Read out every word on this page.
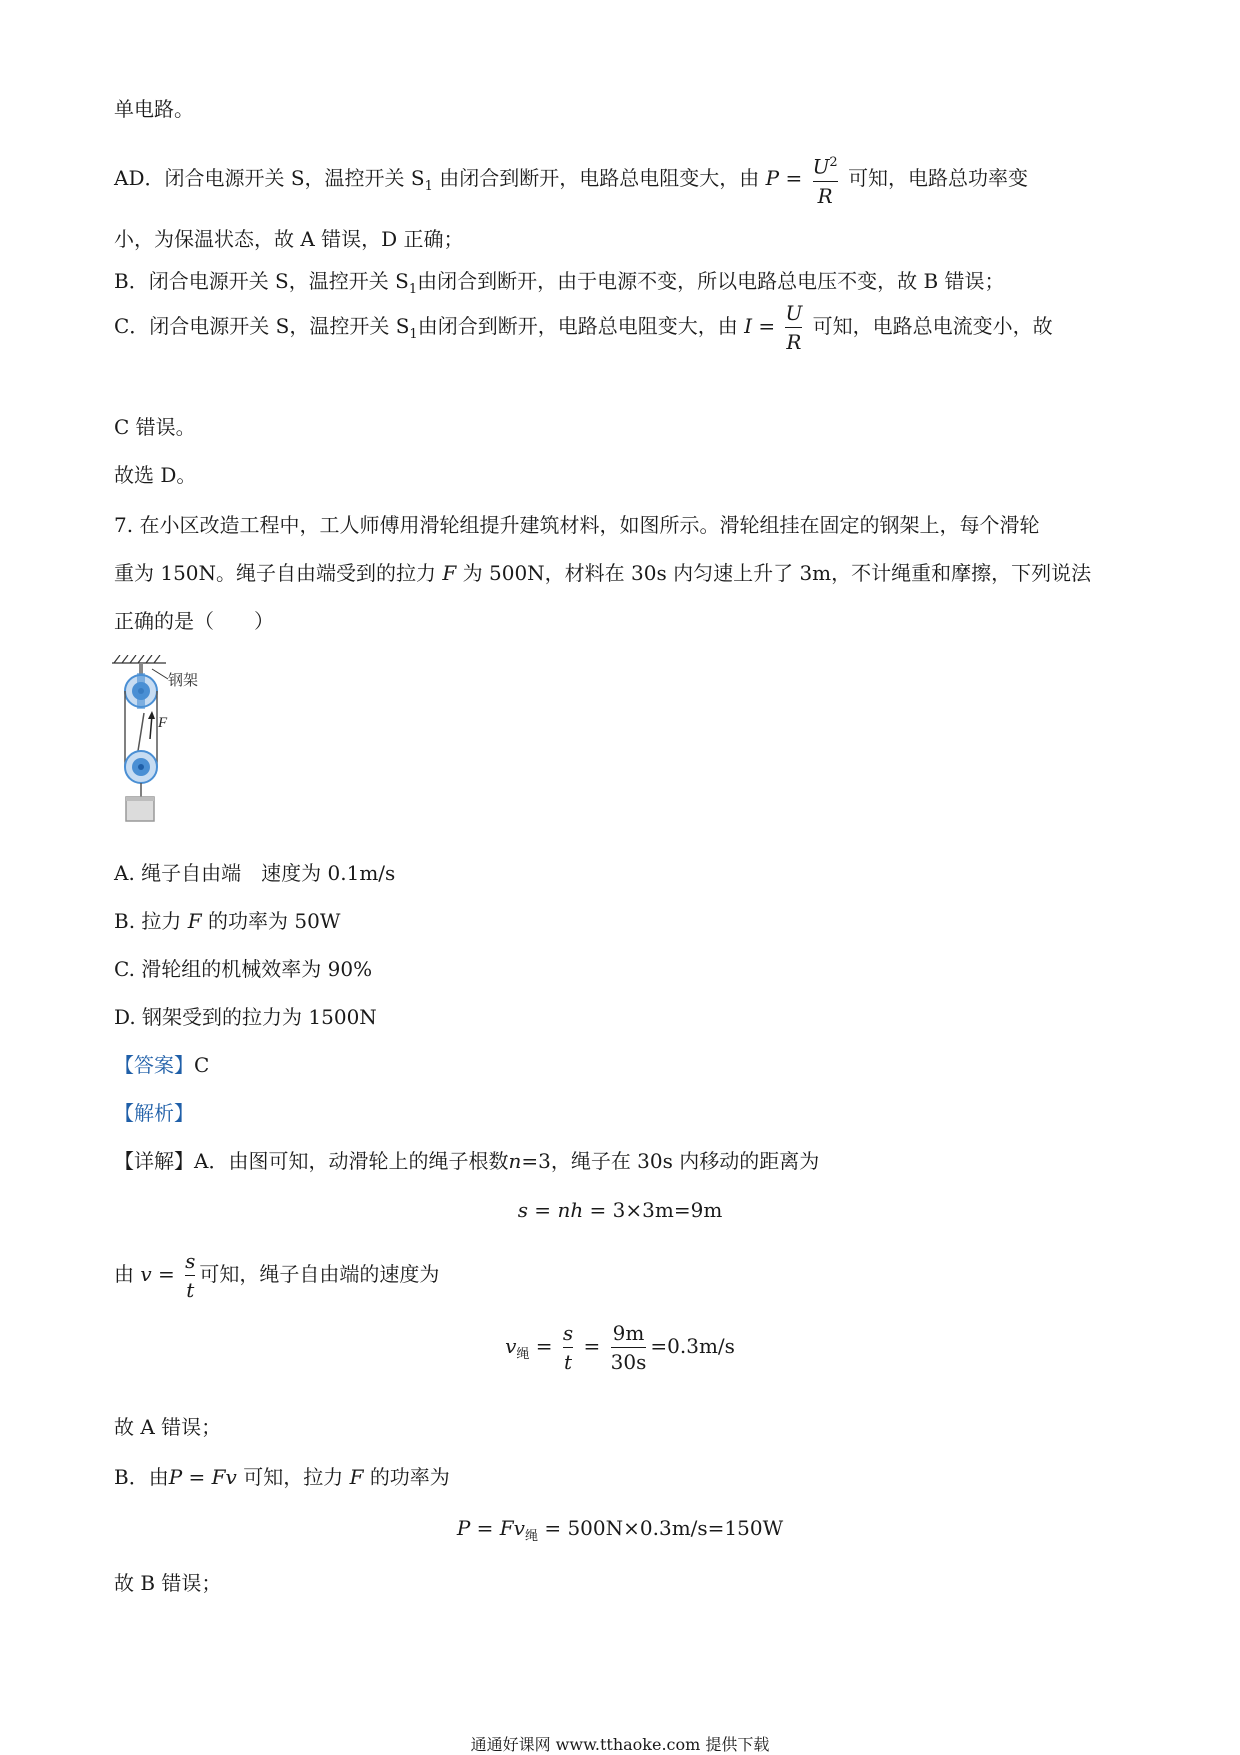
单电路。
AD．闭合电源开关 S，温控开关 $S_1$ 由闭合到断开，电路总电阻变大，由 $P = \frac{U^2}{R}$ 可知，电路总功率变
小，为保温状态，故 A 错误，D 正确；
B．闭合电源开关 S，温控开关 $S_1$由闭合到断开，由于电源不变，所以电路总电压不变，故 B 错误；
C．闭合电源开关 S，温控开关 $S_1$由闭合到断开，电路总电阻变大，由 $I = \frac{U}{R}$ 可知，电路总电流变小，故
C 错误。
故选 D。
7. 在小区改造工程中，工人师傅用滑轮组提升建筑材料，如图所示。滑轮组挂在固定的钢架上，每个滑轮
重为 150N。绳子自由端受到的拉力 F 为 500N，材料在 30s 内匀速上升了 3m，不计绳重和摩擦，下列说法
正确的是（　　）
钢架
F
A. 绳子自由端　速度为 0.1m/s
B. 拉力 F 的功率为 50W
C. 滑轮组的机械效率为 90%
D. 钢架受到的拉力为 1500N
【答案】C
【解析】
【详解】A．由图可知，动滑轮上的绳子根数n=3，绳子在 30s 内移动的距离为
s = nh = 3×3m=9m
由 $v = \frac{s}{t}$ 可知，绳子自由端的速度为
$v_绳 = \frac{s}{t} = \frac{9m}{30s} =0.3m/s$
故 A 错误；
B．由P = Fv 可知，拉力 F 的功率为
$P = Fv_绳 = 500N\times 0.3m/s=150W$
故 B 错误；
通通好课网 www.tthaoke.com 提供下载
